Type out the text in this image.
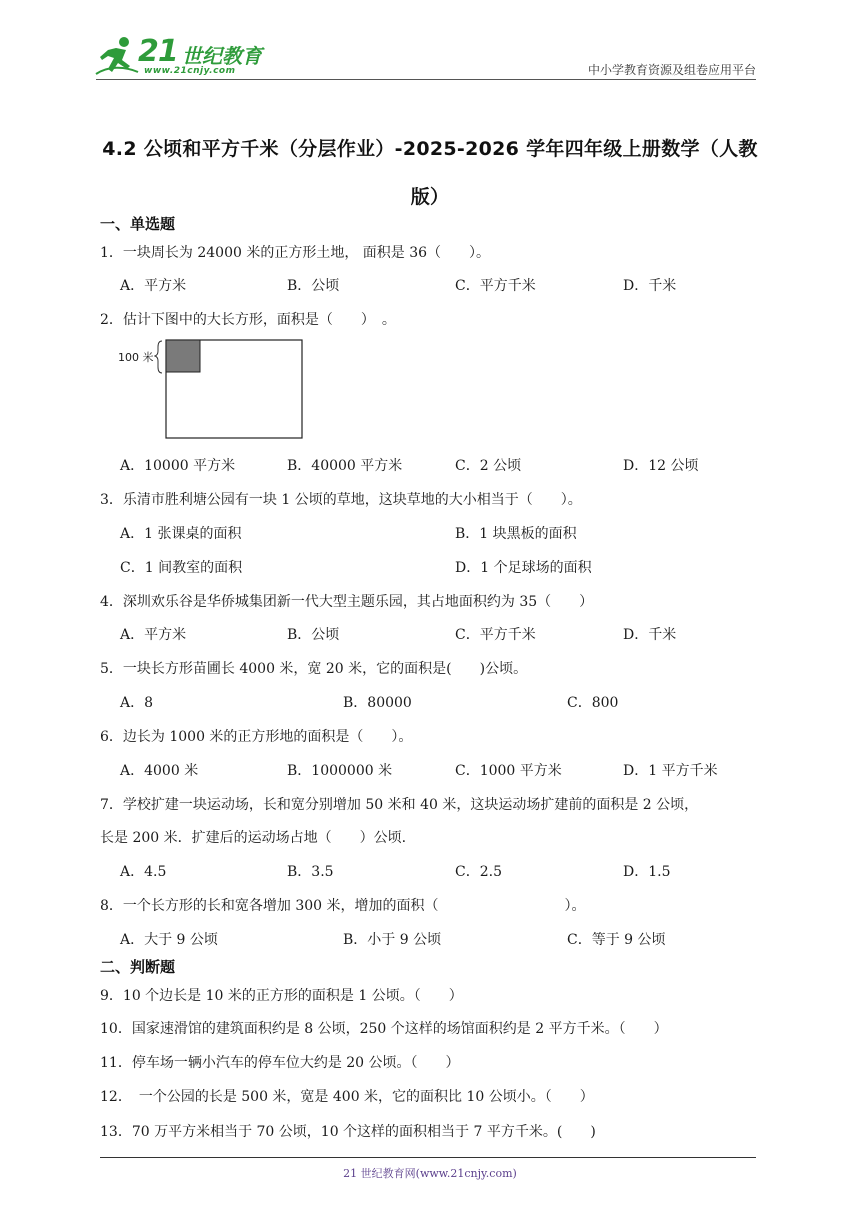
21 世纪教育
www.21cnjy.com	中小学教育资源及组卷应用平台
4.2 公顷和平方千米（分层作业）-2025-2026 学年四年级上册数学（人教
版）
一、单选题
1．一块周长为 24000 米的正方形土地， 面积是 36（　　）。
A．平方米	B．公顷	C．平方千米	D．千米
2．估计下图中的大长方形，面积是（　　）　。
100 米
A．10000 平方米	B．40000 平方米	C．2 公顷	D．12 公顷
3．乐清市胜利塘公园有一块 1 公顷的草地，这块草地的大小相当于（　　）。
A．1 张课桌的面积	B．1 块黑板的面积
C．1 间教室的面积	D．1 个足球场的面积
4．深圳欢乐谷是华侨城集团新一代大型主题乐园，其占地面积约为 35（　　）
A．平方米	B．公顷	C．平方千米	D．千米
5．一块长方形苗圃长 4000 米，宽 20 米，它的面积是(　　)公顷。
A．8	B．80000	C．800
6．边长为 1000 米的正方形地的面积是（　　）。
A．4000 米	B．1000000 米	C．1000 平方米	D．1 平方千米
7．学校扩建一块运动场，长和宽分别增加 50 米和 40 米，这块运动场扩建前的面积是 2 公顷，
长是 200 米．扩建后的运动场占地（　　）公顷.
A．4.5	B．3.5	C．2.5	D．1.5
8．一个长方形的长和宽各增加 300 米，增加的面积（　　　　　　　　　）。
A．大于 9 公顷	B．小于 9 公顷	C．等于 9 公顷
二、判断题
9．10 个边长是 10 米的正方形的面积是 1 公顷。（　　）
10．国家速滑馆的建筑面积约是 8 公顷，250 个这样的场馆面积约是 2 平方千米。（　　）
11．停车场一辆小汽车的停车位大约是 20 公顷。（　　）
12．　一个公园的长是 500 米，宽是 400 米，它的面积比 10 公顷小。（　　）
13．70 万平方米相当于 70 公顷，10 个这样的面积相当于 7 平方千米。(　　)
21 世纪教育网(www.21cnjy.com)
